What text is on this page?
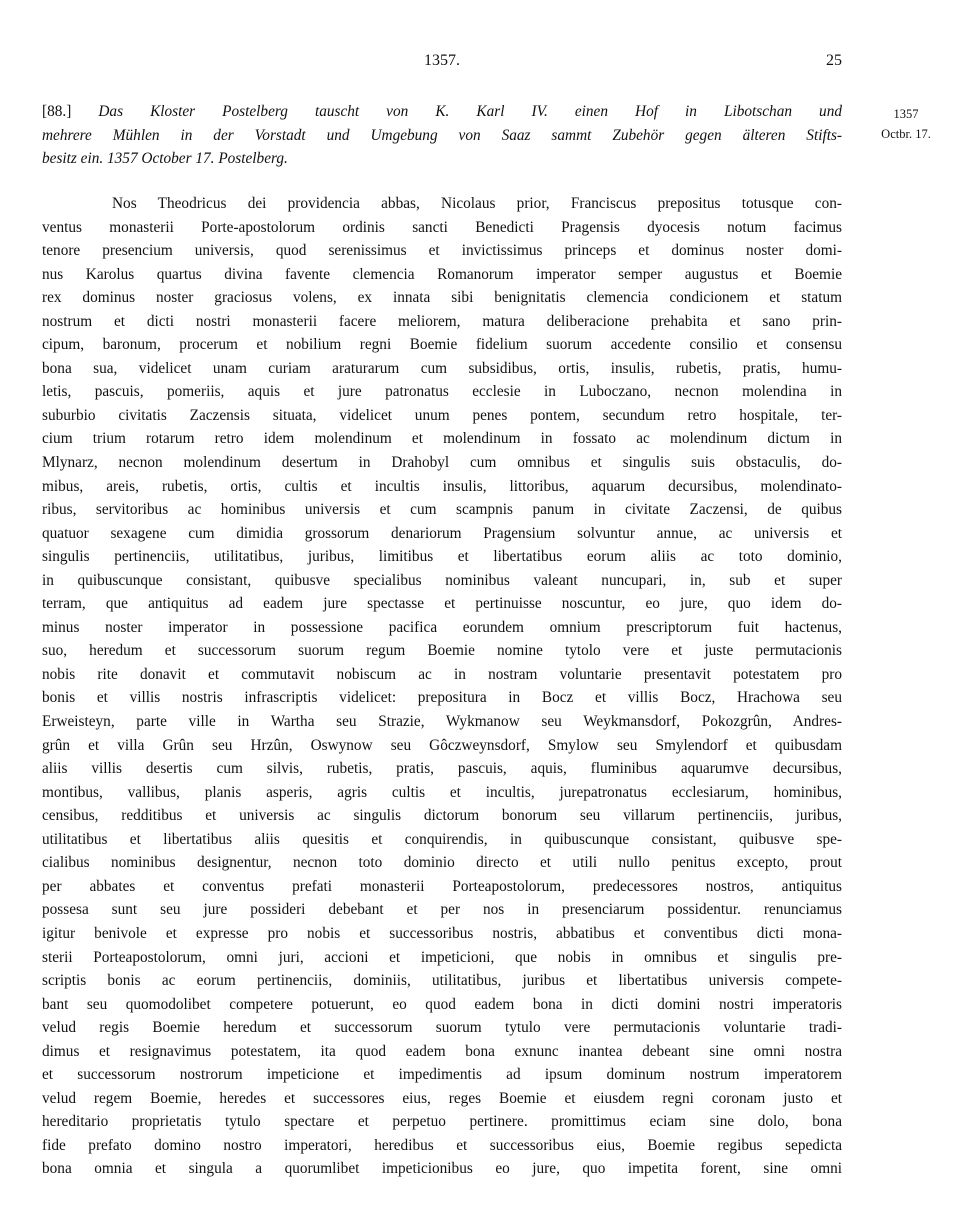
1357.	25
1357
Octbr. 17.
[88.] Das Kloster Postelberg tauscht von K. Karl IV. einen Hof in Libotschan und
mehrere Mühlen in der Vorstadt und Umgebung von Saaz sammt Zubehör gegen älteren Stifts-
besitz ein. 1357 October 17. Postelberg.
Nos Theodricus dei providencia abbas, Nicolaus prior, Franciscus prepositus totusque con-
ventus monasterii Porte-apostolorum ordinis sancti Benedicti Pragensis dyocesis notum facimus
tenore presencium universis, quod serenissimus et invictissimus princeps et dominus noster domi-
nus Karolus quartus divina favente clemencia Romanorum imperator semper augustus et Boemie
rex dominus noster graciosus volens, ex innata sibi benignitatis clemencia condicionem et statum
nostrum et dicti nostri monasterii facere meliorem, matura deliberacione prehabita et sano prin-
cipum, baronum, procerum et nobilium regni Boemie fidelium suorum accedente consilio et consensu
bona sua, videlicet unam curiam araturarum cum subsidibus, ortis, insulis, rubetis, pratis, humu-
letis, pascuis, pomeriis, aquis et jure patronatus ecclesie in Luboczano, necnon molendina in
suburbio civitatis Zaczensis situata, videlicet unum penes pontem, secundum retro hospitale, ter-
cium trium rotarum retro idem molendinum et molendinum in fossato ac molendinum dictum in
Mlynarz, necnon molendinum desertum in Drahobyl cum omnibus et singulis suis obstaculis, do-
mibus, areis, rubetis, ortis, cultis et incultis insulis, littoribus, aquarum decursibus, molendinato-
ribus, servitoribus ac hominibus universis et cum scampnis panum in civitate Zaczensi, de quibus
quatuor sexagene cum dimidia grossorum denariorum Pragensium solvuntur annue, ac universis et
singulis pertinenciis, utilitatibus, juribus, limitibus et libertatibus eorum aliis ac toto dominio,
in quibuscunque consistant, quibusve specialibus nominibus valeant nuncupari, in, sub et super
terram, que antiquitus ad eadem jure spectasse et pertinuisse noscuntur, eo jure, quo idem do-
minus noster imperator in possessione pacifica eorundem omnium prescriptorum fuit hactenus,
suo, heredum et successorum suorum regum Boemie nomine tytolo vere et juste permutacionis
nobis rite donavit et commutavit nobiscum ac in nostram voluntarie presentavit potestatem pro
bonis et villis nostris infrascriptis videlicet: prepositura in Bocz et villis Bocz, Hrachowa seu
Erweisteyn, parte ville in Wartha seu Strazie, Wykmanow seu Weykmansdorf, Pokozgrûn, Andres-
grûn et villa Grûn seu Hrzûn, Oswynow seu Gôczweynsdorf, Smylow seu Smylendorf et quibusdam
aliis villis desertis cum silvis, rubetis, pratis, pascuis, aquis, fluminibus aquarumve decursibus,
montibus, vallibus, planis asperis, agris cultis et incultis, jurepatronatus ecclesiarum, hominibus,
censibus, redditibus et universis ac singulis dictorum bonorum seu villarum pertinenciis, juribus,
utilitatibus et libertatibus aliis quesitis et conquirendis, in quibuscunque consistant, quibusve spe-
cialibus nominibus designentur, necnon toto dominio directo et utili nullo penitus excepto, prout
per abbates et conventus prefati monasterii Porteapostolorum, predecessores nostros, antiquitus
possesa sunt seu jure possideri debebant et per nos in presenciarum possidentur. renunciamus
igitur benivole et expresse pro nobis et successoribus nostris, abbatibus et conventibus dicti mona-
sterii Porteapostolorum, omni juri, accioni et impeticioni, que nobis in omnibus et singulis pre-
scriptis bonis ac eorum pertinenciis, dominiis, utilitatibus, juribus et libertatibus universis compete-
bant seu quomodolibet competere potuerunt, eo quod eadem bona in dicti domini nostri imperatoris
velud regis Boemie heredum et successorum suorum tytulo vere permutacionis voluntarie tradi-
dimus et resignavimus potestatem, ita quod eadem bona exnunc inantea debeant sine omni nostra
et successorum nostrorum impeticione et impedimentis ad ipsum dominum nostrum imperatorem
velud regem Boemie, heredes et successores eius, reges Boemie et eiusdem regni coronam justo et
hereditario proprietatis tytulo spectare et perpetuo pertinere. promittimus eciam sine dolo, bona
fide prefato domino nostro imperatori, heredibus et successoribus eius, Boemie regibus sepedicta
bona omnia et singula a quorumlibet impeticionibus eo jure, quo impetita forent, sine omni
